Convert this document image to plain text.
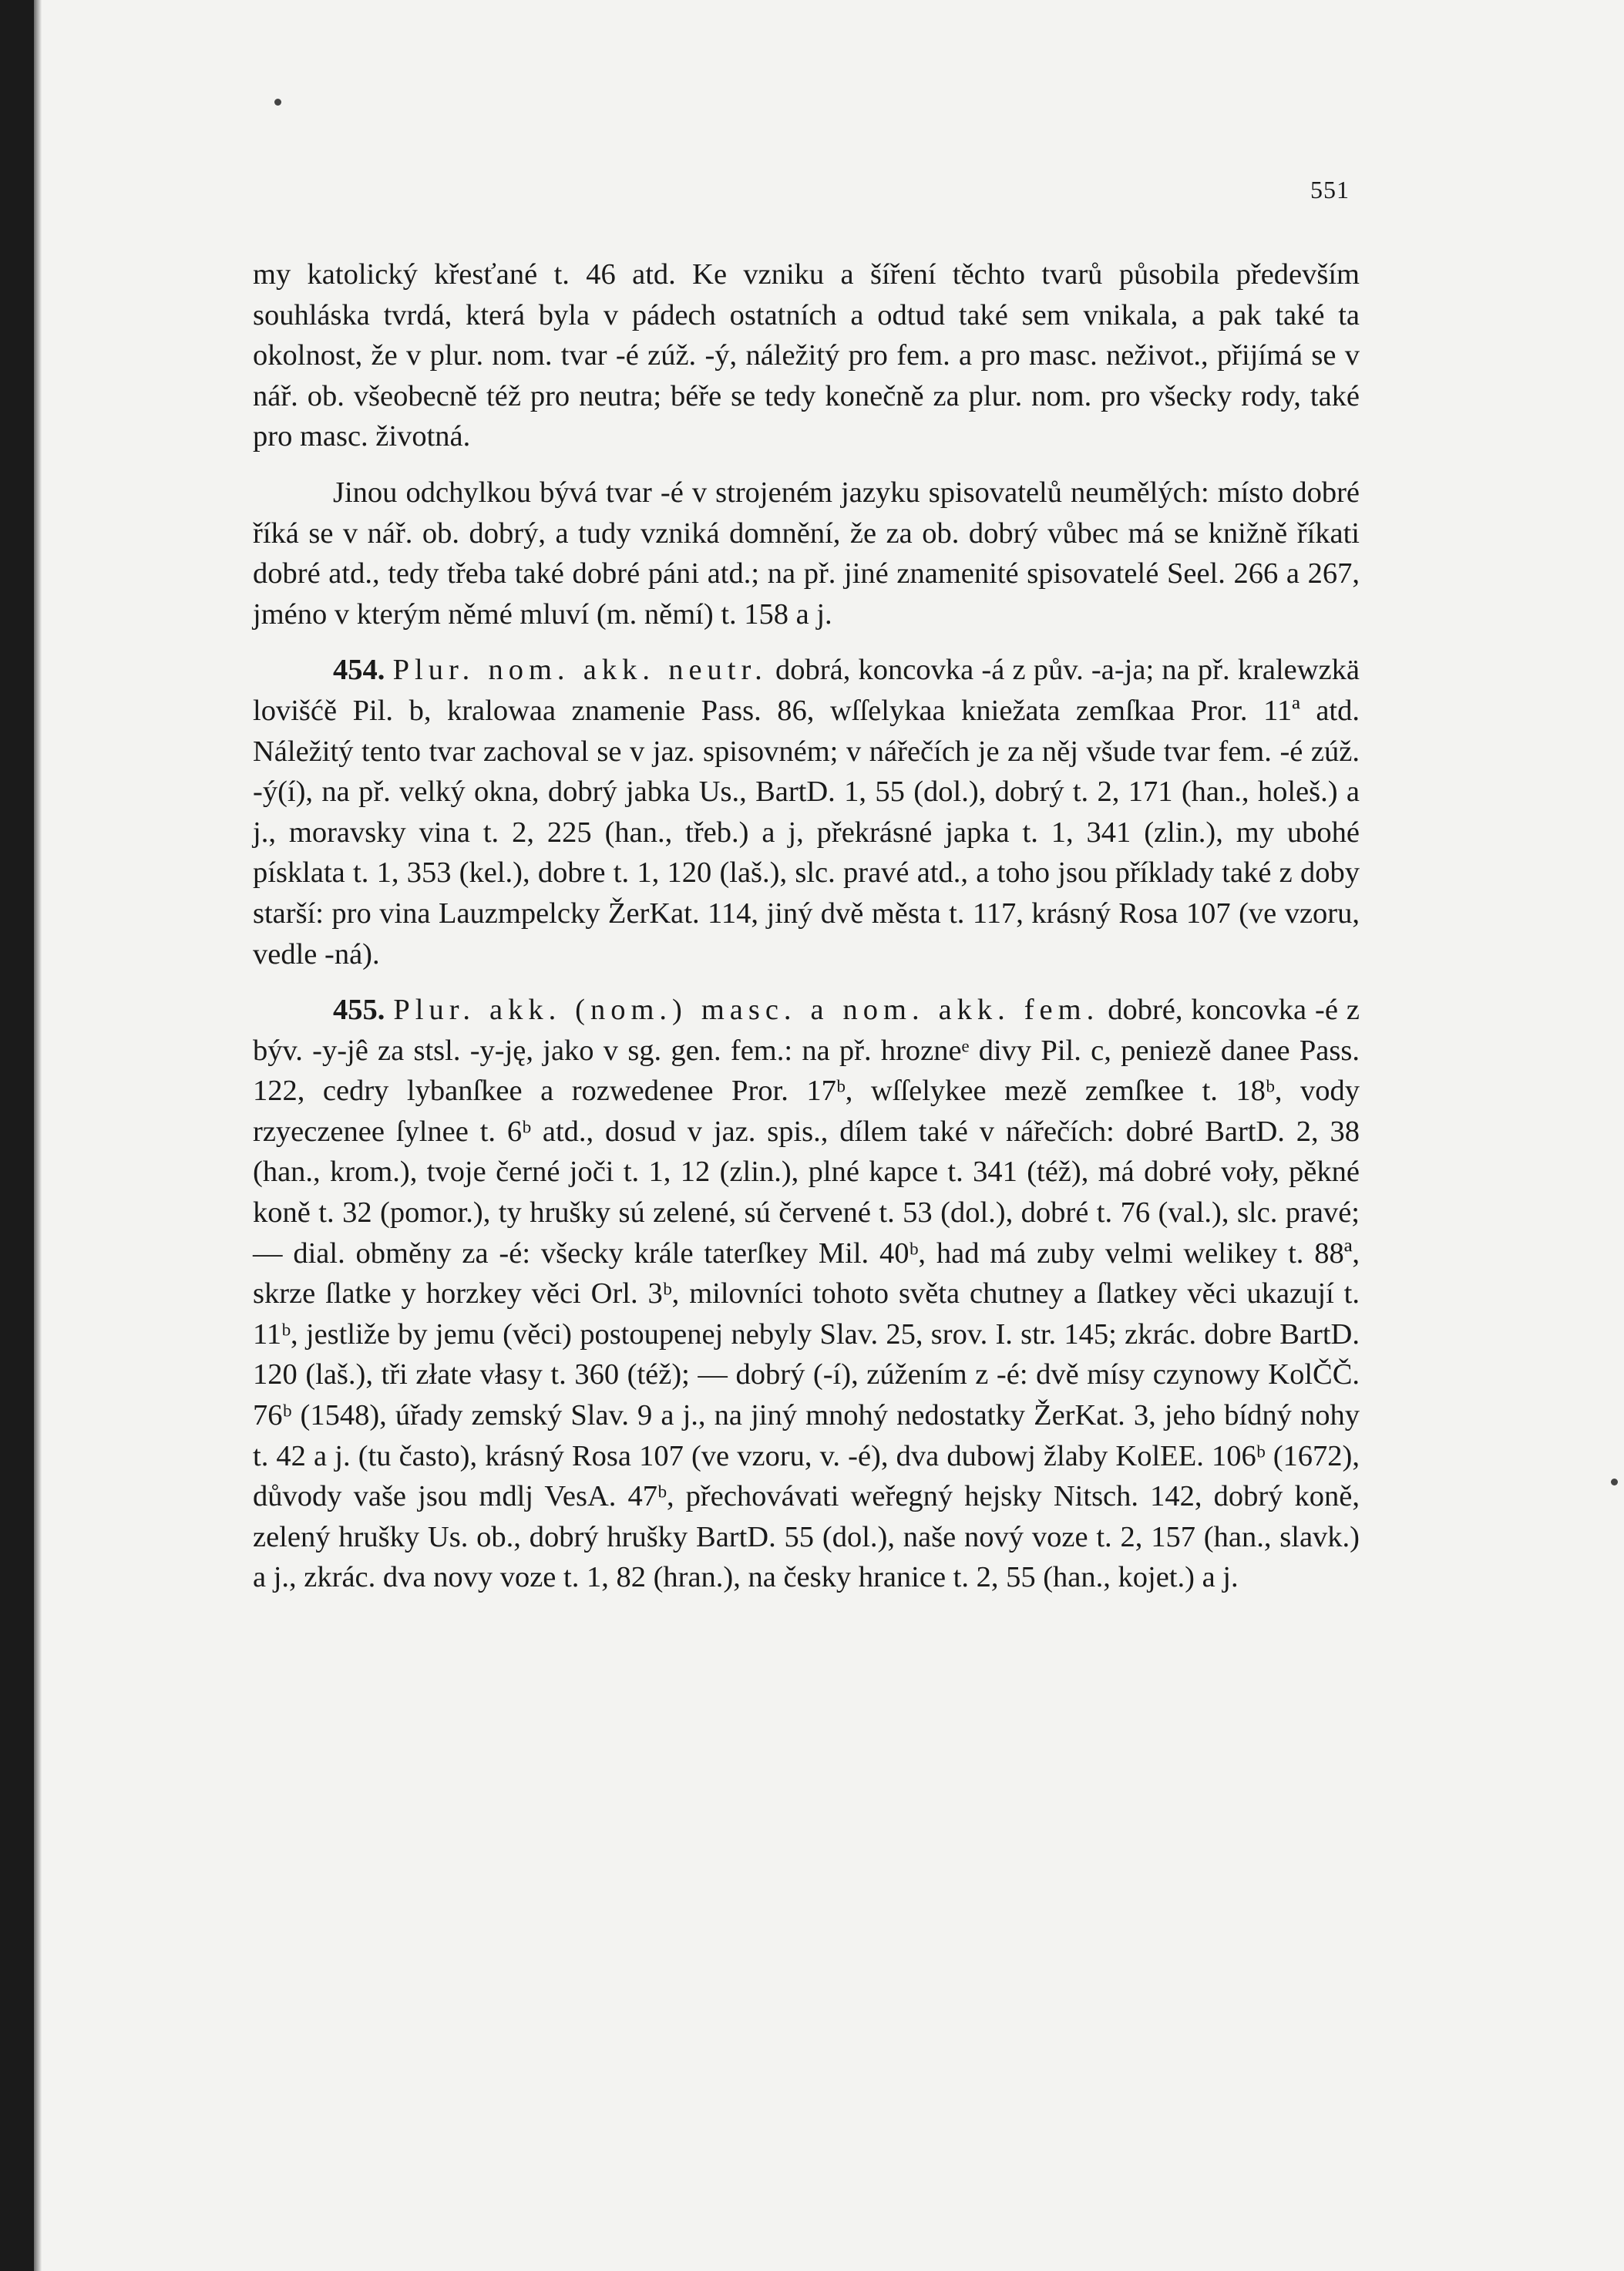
551

my katolický křesťané t. 46 atd. Ke vzniku a šíření těchto tvarů působila především souhláska tvrdá, která byla v pádech ostatních a odtud také sem vnikala, a pak také ta okolnost, že v plur. nom. tvar -é zúž. -ý, náležitý pro fem. a pro masc. neživot., přijímá se v nář. ob. všeobecně též pro neutra; béře se tedy konečně za plur. nom. pro všecky rody, také pro masc. životná.

Jinou odchylkou bývá tvar -é v strojeném jazyku spisovatelů neumělých: místo dobré říká se v nář. ob. dobrý, a tudy vzniká domnění, že za ob. dobrý vůbec má se knižně říkati dobré atd., tedy třeba také dobré páni atd.; na př. jiné znamenité spisovatelé Seel. 266 a 267, jméno v kterým němé mluví (m. němí) t. 158 a j.

454. Plur. nom. akk. neutr. dobrá, koncovka -á z pův. -a-ja; na př. kralewzkä lovišćě Pil. b, kralowaa znamenie Pass. 86, wſſelykaa kniežata zemſkaa Pror. 11ª atd. Náležitý tento tvar zachoval se v jaz. spisovném; v nářečích je za něj všude tvar fem. -é zúž. -ý(í), na př. velký okna, dobrý jabka Us., BartD. 1, 55 (dol.), dobrý t. 2, 171 (han., holeš.) a j., moravsky vina t. 2, 225 (han., třeb.) a j, překrásné japka t. 1, 341 (zlin.), my ubohé písklata t. 1, 353 (kel.), dobre t. 1, 120 (laš.), slc. pravé atd., a toho jsou příklady také z doby starší: pro vina Lauzmpelcky ŽerKat. 114, jiný dvě města t. 117, krásný Rosa 107 (ve vzoru, vedle -ná).

455. Plur. akk. (nom.) masc. a nom. akk. fem. dobré, koncovka -é z býv. -y-jê za stsl. -y-ję, jako v sg. gen. fem.: na př. hrozneᵉ divy Pil. c, peniezě danee Pass. 122, cedry lybanſkee a rozwedenee Pror. 17ᵇ, wſſelykee mezě zemſkee t. 18ᵇ, vody rzyeczenee ſylnee t. 6ᵇ atd., dosud v jaz. spis., dílem také v nářečích: dobré BartD. 2, 38 (han., krom.), tvoje černé joči t. 1, 12 (zlin.), plné kapce t. 341 (též), má dobré voły, pěkné koně t. 32 (pomor.), ty hrušky sú zelené, sú červené t. 53 (dol.), dobré t. 76 (val.), slc. pravé; — dial. obměny za -é: všecky krále taterſkey Mil. 40ᵇ, had má zuby velmi welikey t. 88ª, skrze ſlatke y horzkey věci Orl. 3ᵇ, milovníci tohoto světa chutney a ſlatkey věci ukazují t. 11ᵇ, jestliže by jemu (věci) postoupenej nebyly Slav. 25, srov. I. str. 145; zkrác. dobre BartD. 120 (laš.), tři złate vłasy t. 360 (též); — dobrý (-í), zúžením z -é: dvě mísy czynowy KolČČ. 76ᵇ (1548), úřady zemský Slav. 9 a j., na jiný mnohý nedostatky ŽerKat. 3, jeho bídný nohy t. 42 a j. (tu často), krásný Rosa 107 (ve vzoru, v. -é), dva dubowj žlaby KolEE. 106ᵇ (1672), důvody vaše jsou mdlj VesA. 47ᵇ, přechovávati weřegný hejsky Nitsch. 142, dobrý koně, zelený hrušky Us. ob., dobrý hrušky BartD. 55 (dol.), naše nový voze t. 2, 157 (han., slavk.) a j., zkrác. dva novy voze t. 1, 82 (hran.), na česky hranice t. 2, 55 (han., kojet.) a j.
